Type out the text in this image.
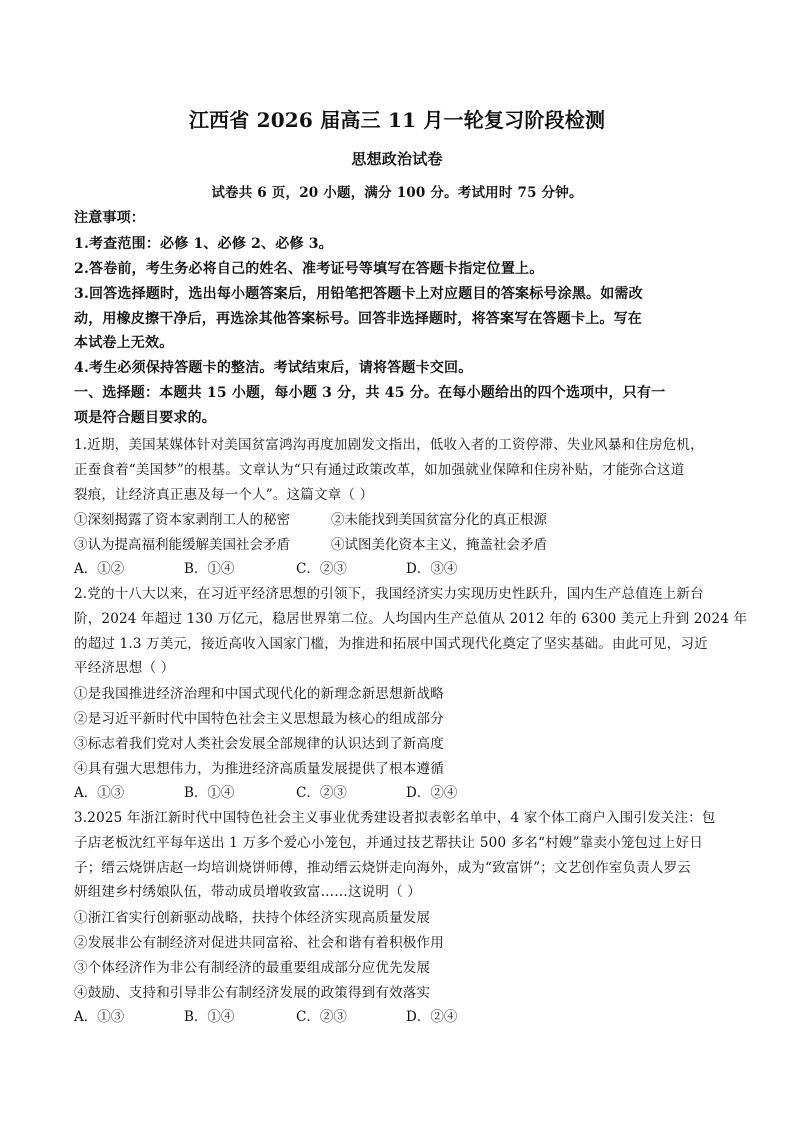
江西省 2026 届高三 11 月一轮复习阶段检测
思想政治试卷
试卷共 6 页，20 小题，满分 100 分。考试用时 75 分钟。
注意事项：
1.考查范围：必修 1、必修 2、必修 3。
2.答卷前，考生务必将自己的姓名、准考证号等填写在答题卡指定位置上。
3.回答选择题时，选出每小题答案后，用铅笔把答题卡上对应题目的答案标号涂黑。如需改
动，用橡皮擦干净后，再选涂其他答案标号。回答非选择题时，将答案写在答题卡上。写在
本试卷上无效。
4.考生必须保持答题卡的整洁。考试结束后，请将答题卡交回。
一、选择题：本题共 15 小题，每小题 3 分，共 45 分。在每小题给出的四个选项中，只有一
项是符合题目要求的。
1.近期，美国某媒体针对美国贫富鸿沟再度加剧发文指出，低收入者的工资停滞、失业风暴和住房危机，
正蚕食着“美国梦”的根基。文章认为“只有通过政策改革，如加强就业保障和住房补贴，才能弥合这道
裂痕，让经济真正惠及每一个人”。这篇文章（ ）
①深刻揭露了资本家剥削工人的秘密	②未能找到美国贫富分化的真正根源
③认为提高福利能缓解美国社会矛盾	④试图美化资本主义，掩盖社会矛盾
A．①②	B．①④	C．②③	D．③④
2.党的十八大以来，在习近平经济思想的引领下，我国经济实力实现历史性跃升，国内生产总值连上新台
阶，2024 年超过 130 万亿元，稳居世界第二位。人均国内生产总值从 2012 年的 6300 美元上升到 2024 年
的超过 1.3 万美元，接近高收入国家门槛，为推进和拓展中国式现代化奠定了坚实基础。由此可见，习近
平经济思想（ ）
①是我国推进经济治理和中国式现代化的新理念新思想新战略
②是习近平新时代中国特色社会主义思想最为核心的组成部分
③标志着我们党对人类社会发展全部规律的认识达到了新高度
④具有强大思想伟力，为推进经济高质量发展提供了根本遵循
A．①③	B．①④	C．②③	D．②④
3.2025 年浙江新时代中国特色社会主义事业优秀建设者拟表彰名单中，4 家个体工商户入围引发关注：包
子店老板沈红平每年送出 1 万多个爱心小笼包，并通过技艺帮扶让 500 多名“村嫂”靠卖小笼包过上好日
子；缙云烧饼店赵一均培训烧饼师傅，推动缙云烧饼走向海外，成为“致富饼”；文艺创作室负责人罗云
妍组建乡村绣娘队伍，带动成员增收致富……这说明（ ）
①浙江省实行创新驱动战略，扶持个体经济实现高质量发展
②发展非公有制经济对促进共同富裕、社会和谐有着积极作用
③个体经济作为非公有制经济的最重要组成部分应优先发展
④鼓励、支持和引导非公有制经济发展的政策得到有效落实
A．①③	B．①④	C．②③	D．②④
